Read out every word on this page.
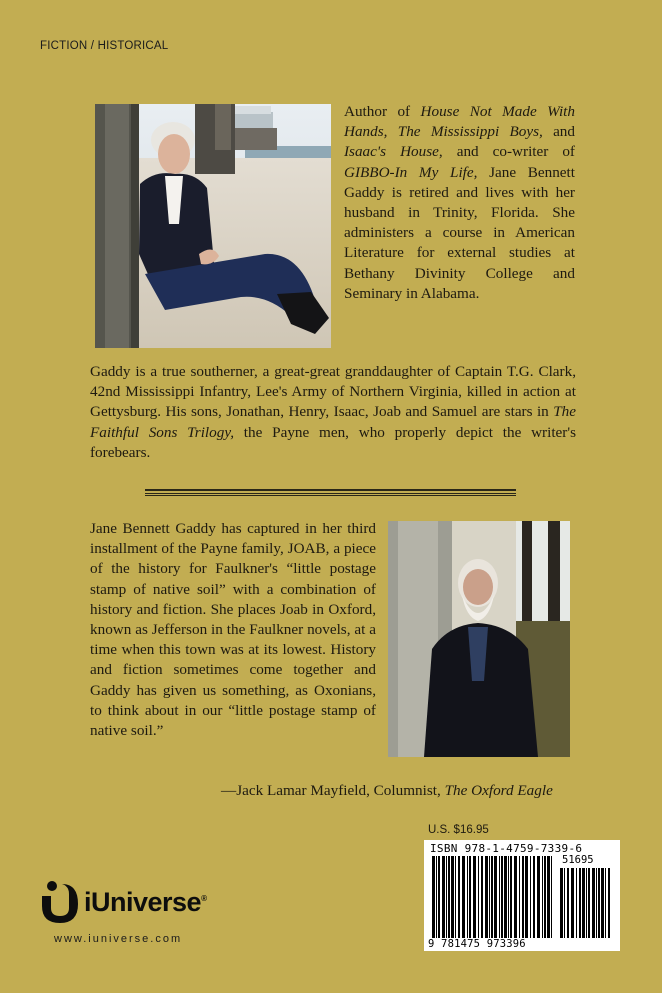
FICTION / HISTORICAL
Author of House Not Made With Hands, The Mississippi Boys, and Isaac's House, and co-writer of GIBBO-In My Life, Jane Bennett Gaddy is retired and lives with her husband in Trinity, Florida. She administers a course in American Literature for external studies at Bethany Divinity College and Seminary in Alabama.
Gaddy is a true southerner, a great-great granddaughter of Captain T.G. Clark, 42nd Mississippi Infantry, Lee's Army of Northern Virginia, killed in action at Gettysburg. His sons, Jonathan, Henry, Isaac, Joab and Samuel are stars in The Faithful Sons Trilogy, the Payne men, who properly depict the writer's forebears.
Jane Bennett Gaddy has captured in her third installment of the Payne family, JOAB, a piece of the history for Faulkner's “little postage stamp of native soil” with a combination of history and fiction. She places Joab in Oxford, known as Jefferson in the Faulkner novels, at a time when this town was at its lowest. History and fiction sometimes come together and Gaddy has given us something, as Oxonians, to think about in our “little postage stamp of native soil.”
—Jack Lamar Mayfield, Columnist, The Oxford Eagle
U.S. $16.95
ISBN 978-1-4759-7339-6
51695
9 781475 973396
iUniverse®
www.iuniverse.com
